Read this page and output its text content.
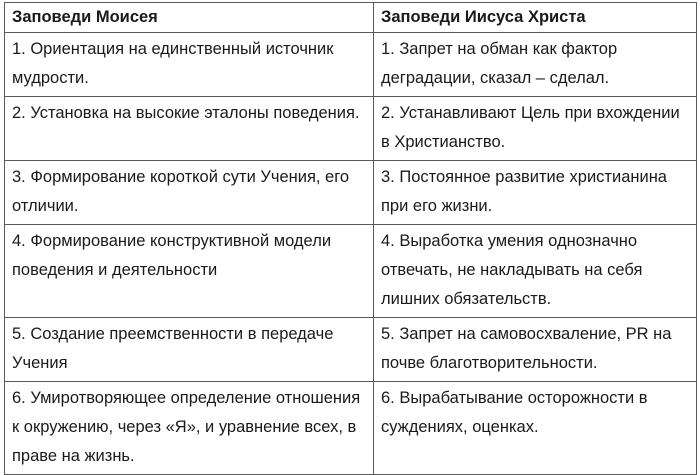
Заповеди Моисея	Заповеди Иисуса Христа

1. Ориентация на единственный источник мудрости.	1. Запрет на обман как фактор деградации, сказал – сделал.

2. Установка на высокие эталоны поведения.	2. Устанавливают Цель при вхождении в Христианство.

3. Формирование короткой сути Учения, его отличии.	3. Постоянное развитие христианина при его жизни.

4. Формирование конструктивной модели поведения и деятельности	4. Выработка умения однозначно отвечать, не накладывать на себя лишних обязательств.

5. Создание преемственности в передаче Учения	5. Запрет на самовосхваление, PR на почве благотворительности.

6. Умиротворяющее определение отношения к окружению, через «Я», и уравнение всех, в праве на жизнь.	6. Вырабатывание осторожности в суждениях, оценках.
